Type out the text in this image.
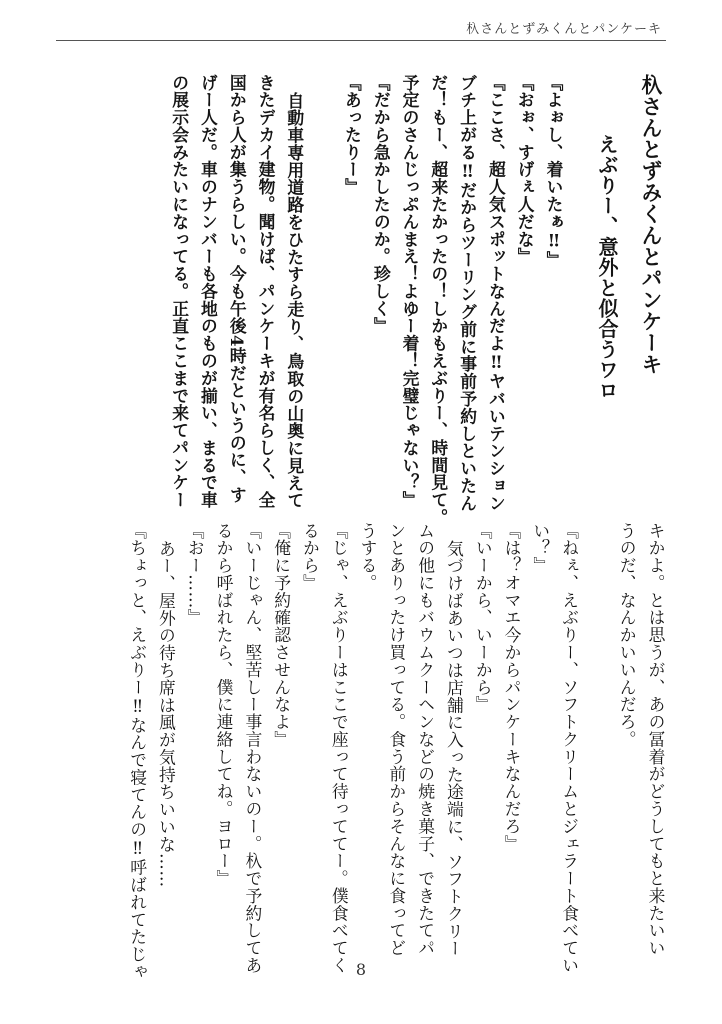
杁さんとずみくんとパンケーキ
杁さんとずみくんとパンケーキ
えぶりー、意外と似合うワロ
『よぉし、着いたぁ‼』
『おぉ、すげぇ人だな』
『ここさ、超人気スポットなんだよ‼ヤバいテンション
ブチ上がる‼だからツーリング前に事前予約しといたん
だ！もー、超来たかったの！しかもえぶりー、時間見て。
予定のさんじっぷんまえ！よゆー着！完璧じゃない？』
『だから急かしたのか。珍しく』
『あったりー』
自動車専用道路をひたすら走り、鳥取の山奥に見えて
きたデカイ建物。聞けば、パンケーキが有名らしく、全
国から人が集うらしい。今も午後4時だというのに、す
げー人だ。車のナンバーも各地のものが揃い、まるで車
の展示会みたいになってる。正直ここまで来てパンケー
キかよ。とは思うが、あの冨着がどうしてもと来たいい
うのだ、なんかいいんだろ。
『ねぇ、えぶりー、ソフトクリームとジェラート食べてい
い？』
『は？オマエ今からパンケーキなんだろ』
『いーから、いーから』
気づけばあいつは店舗に入った途端に、ソフトクリー
ムの他にもバウムクーヘンなどの焼き菓子、できたてパ
ンとありったけ買ってる。食う前からそんなに食ってど
うする。
『じゃ、えぶりーはここで座って待っててー。僕食べてく
るから』
『俺に予約確認させんなよ』
『いーじゃん、堅苦しー事言わないのー。杁で予約してあ
るから呼ばれたら、僕に連絡してね。ヨロー』
『おー……』
あー、屋外の待ち席は風が気持ちいいな……
『ちょっと、えぶりー‼なんで寝てんの‼呼ばれてたじゃ	8
